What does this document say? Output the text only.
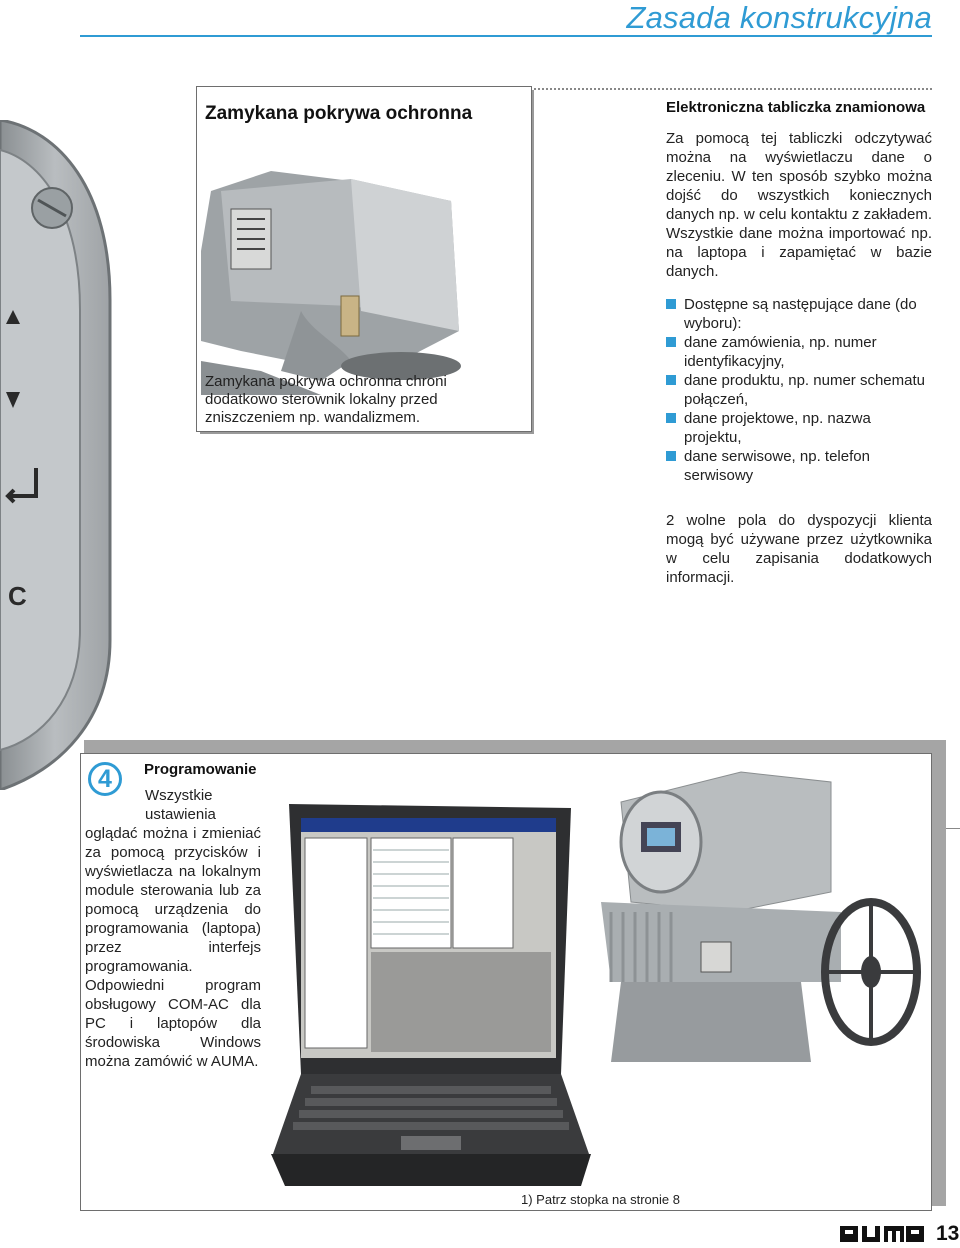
Zasada konstrukcyjna
C
Zamykana pokrywa ochronna
Zamykana pokrywa ochronna chroni dodatkowo sterownik lokalny przed zniszczeniem np. wandalizmem.
Elektroniczna tabliczka znamionowa
Za pomocą tej tabliczki odczytywać można na wyświetlaczu dane o zleceniu. W ten sposób szybko można dojść do wszystkich koniecznych danych np. w celu kontaktu z zakładem. Wszystkie dane można importować np. na laptopa i zapamiętać w bazie danych.
Dostępne są następujące dane (do wyboru):
dane zamówienia, np. numer identyfikacyjny,
dane produktu, np. numer schematu połączeń,
dane projektowe, np. nazwa projektu,
dane serwisowe, np. telefon serwisowy
2 wolne pola do dyspozycji klienta mogą być używane przez użytkownika w celu zapisania dodatkowych informacji.
4	Programowanie
Wszystkie ustawienia
oglądać można i zmieniać za pomocą przycisków i wyświetlacza na lokalnym module sterowania lub za pomocą urządzenia do programowania (laptopa) przez interfejs programowania. Odpowiedni program obsługowy COM-AC dla PC i laptopów dla środowiska Windows można zamówić w AUMA.
1) Patrz stopka na stronie 8
13
